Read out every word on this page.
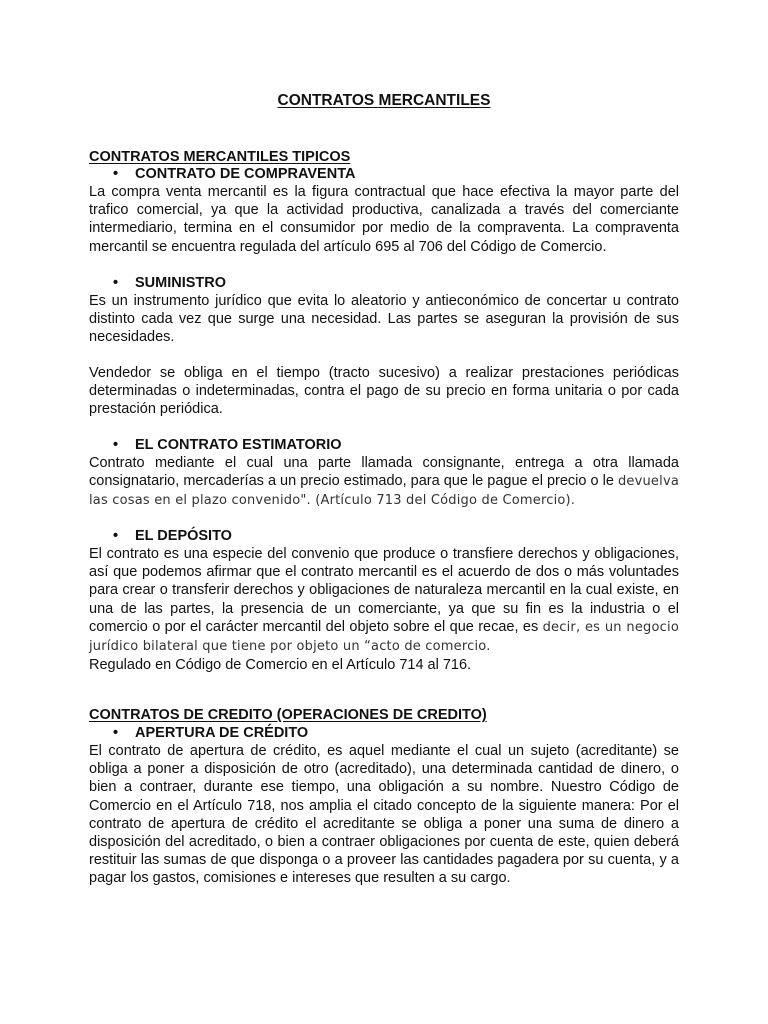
CONTRATOS MERCANTILES
CONTRATOS MERCANTILES TIPICOS
• CONTRATO DE COMPRAVENTA
La compra venta mercantil es la figura contractual que hace efectiva la mayor parte del trafico comercial, ya que la actividad productiva, canalizada a través del comerciante intermediario, termina en el consumidor por medio de la compraventa. La compraventa mercantil se encuentra regulada del artículo 695 al 706 del Código de Comercio.
• SUMINISTRO
Es un instrumento jurídico que evita lo aleatorio y antieconómico de concertar u contrato distinto cada vez que surge una necesidad. Las partes se aseguran la provisión de sus necesidades.
Vendedor se obliga en el tiempo (tracto sucesivo) a realizar prestaciones periódicas determinadas o indeterminadas, contra el pago de su precio en forma unitaria o por cada prestación periódica.
• EL CONTRATO ESTIMATORIO
Contrato mediante el cual una parte llamada consignante, entrega a otra llamada consignatario, mercaderías a un precio estimado, para que le pague el precio o le devuelva las cosas en el plazo convenido". (Artículo 713 del Código de Comercio).
• EL DEPÓSITO
El contrato es una especie del convenio que produce o transfiere derechos y obligaciones, así que podemos afirmar que el contrato mercantil es el acuerdo de dos o más voluntades para crear o transferir derechos y obligaciones de naturaleza mercantil en la cual existe, en una de las partes, la presencia de un comerciante, ya que su fin es la industria o el comercio o por el carácter mercantil del objeto sobre el que recae, es decir, es un negocio jurídico bilateral que tiene por objeto un “acto de comercio.
Regulado en Código de Comercio en el Artículo 714 al 716.
CONTRATOS DE CREDITO (OPERACIONES DE CREDITO)
• APERTURA DE CRÉDITO
El contrato de apertura de crédito, es aquel mediante el cual un sujeto (acreditante) se obliga a poner a disposición de otro (acreditado), una determinada cantidad de dinero, o bien a contraer, durante ese tiempo, una obligación a su nombre. Nuestro Código de Comercio en el Artículo 718, nos amplia el citado concepto de la siguiente manera: Por el contrato de apertura de crédito el acreditante se obliga a poner una suma de dinero a disposición del acreditado, o bien a contraer obligaciones por cuenta de este, quien deberá restituir las sumas de que disponga o a proveer las cantidades pagadera por su cuenta, y a pagar los gastos, comisiones e intereses que resulten a su cargo.
